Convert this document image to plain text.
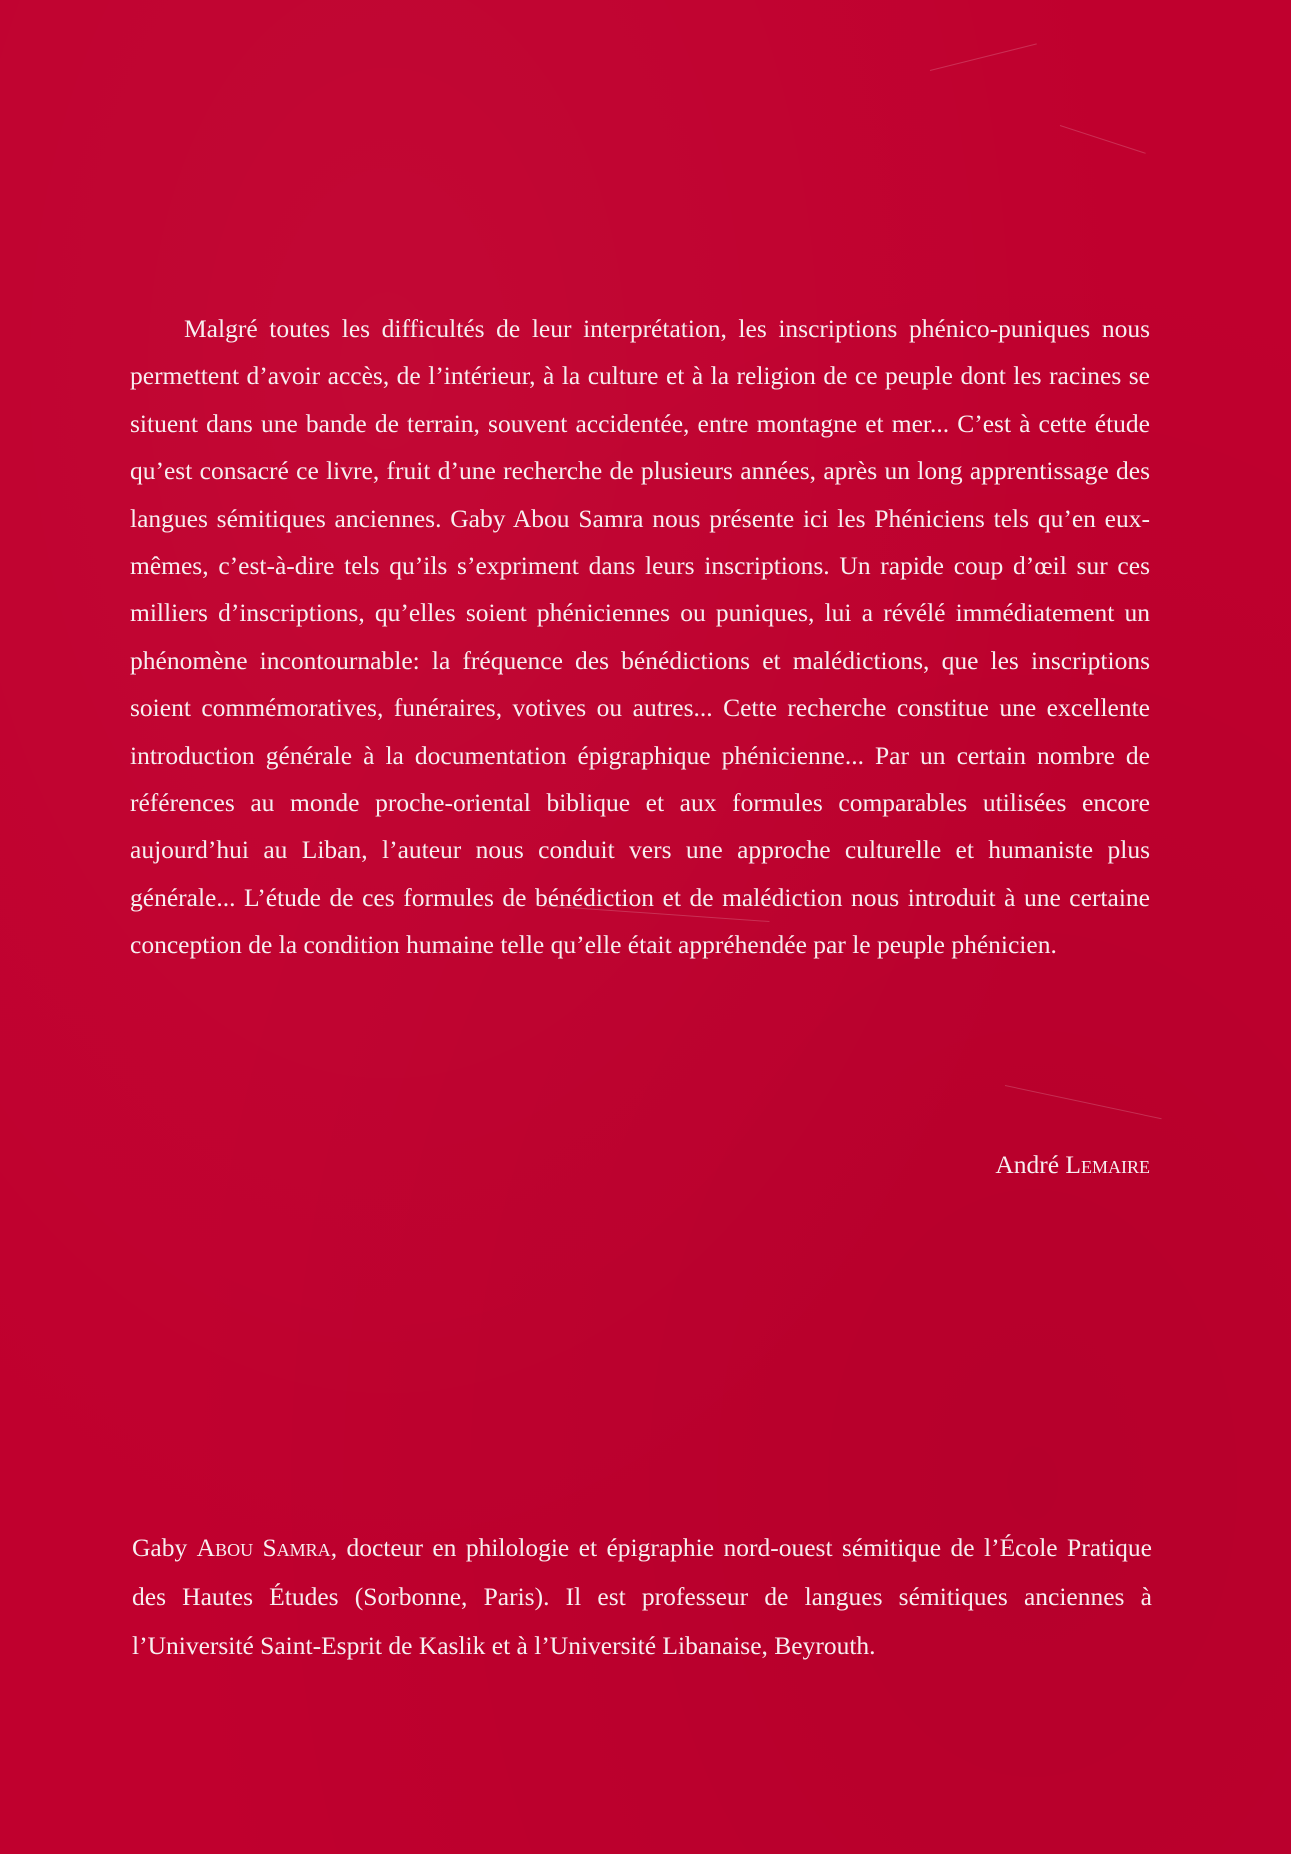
Malgré toutes les difficultés de leur interprétation, les inscriptions phénico-puniques nous permettent d’avoir accès, de l’intérieur, à la culture et à la religion de ce peuple dont les racines se situent dans une bande de terrain, souvent accidentée, entre montagne et mer... C’est à cette étude qu’est consacré ce livre, fruit d’une recherche de plusieurs années, après un long apprentissage des langues sémitiques anciennes. Gaby Abou Samra nous présente ici les Phéniciens tels qu’en eux-mêmes, c’est-à-dire tels qu’ils s’expriment dans leurs inscriptions. Un rapide coup d’œil sur ces milliers d’inscriptions, qu’elles soient phéniciennes ou puniques, lui a révélé immédiatement un phénomène incontournable: la fréquence des bénédictions et malédictions, que les inscriptions soient commémoratives, funéraires, votives ou autres... Cette recherche constitue une excellente introduction générale à la documentation épigraphique phénicienne... Par un certain nombre de références au monde proche-oriental biblique et aux formules comparables utilisées encore aujourd’hui au Liban, l’auteur nous conduit vers une approche culturelle et humaniste plus générale... L’étude de ces formules de bénédiction et de malédiction nous introduit à une certaine conception de la condition humaine telle qu’elle était appréhendée par le peuple phénicien.

André Lemaire

Gaby Abou Samra, docteur en philologie et épigraphie nord-ouest sémitique de l’École Pratique des Hautes Études (Sorbonne, Paris). Il est professeur de langues sémitiques anciennes à l’Université Saint-Esprit de Kaslik et à l’Université Libanaise, Beyrouth.
